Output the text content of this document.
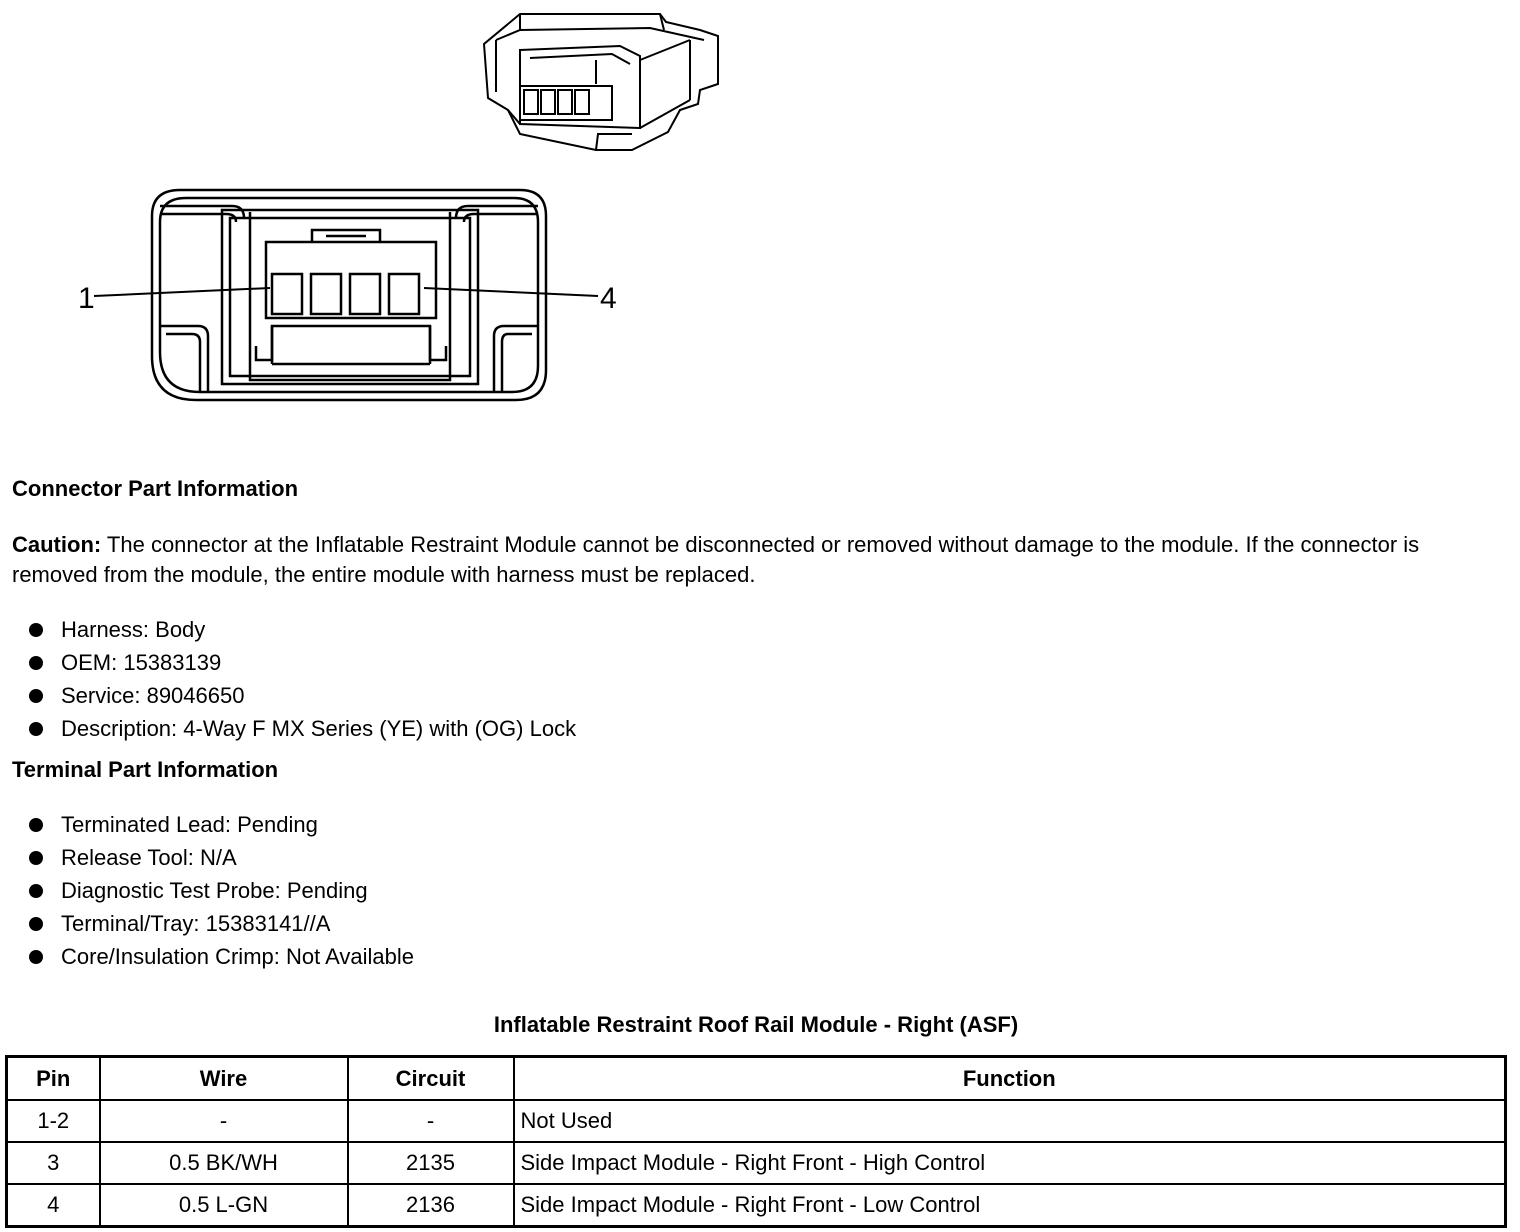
1	4
Connector Part Information
Caution: The connector at the Inflatable Restraint Module cannot be disconnected or removed without damage to the module. If the connector is removed from the module, the entire module with harness must be replaced.
Harness: Body
OEM: 15383139
Service: 89046650
Description: 4-Way F MX Series (YE) with (OG) Lock
Terminal Part Information
Terminated Lead: Pending
Release Tool: N/A
Diagnostic Test Probe: Pending
Terminal/Tray: 15383141//A
Core/Insulation Crimp: Not Available
Inflatable Restraint Roof Rail Module - Right (ASF)
Pin	Wire	Circuit	Function
1-2	-	-	Not Used
3	0.5 BK/WH	2135	Side Impact Module - Right Front - High Control
4	0.5 L-GN	2136	Side Impact Module - Right Front - Low Control
